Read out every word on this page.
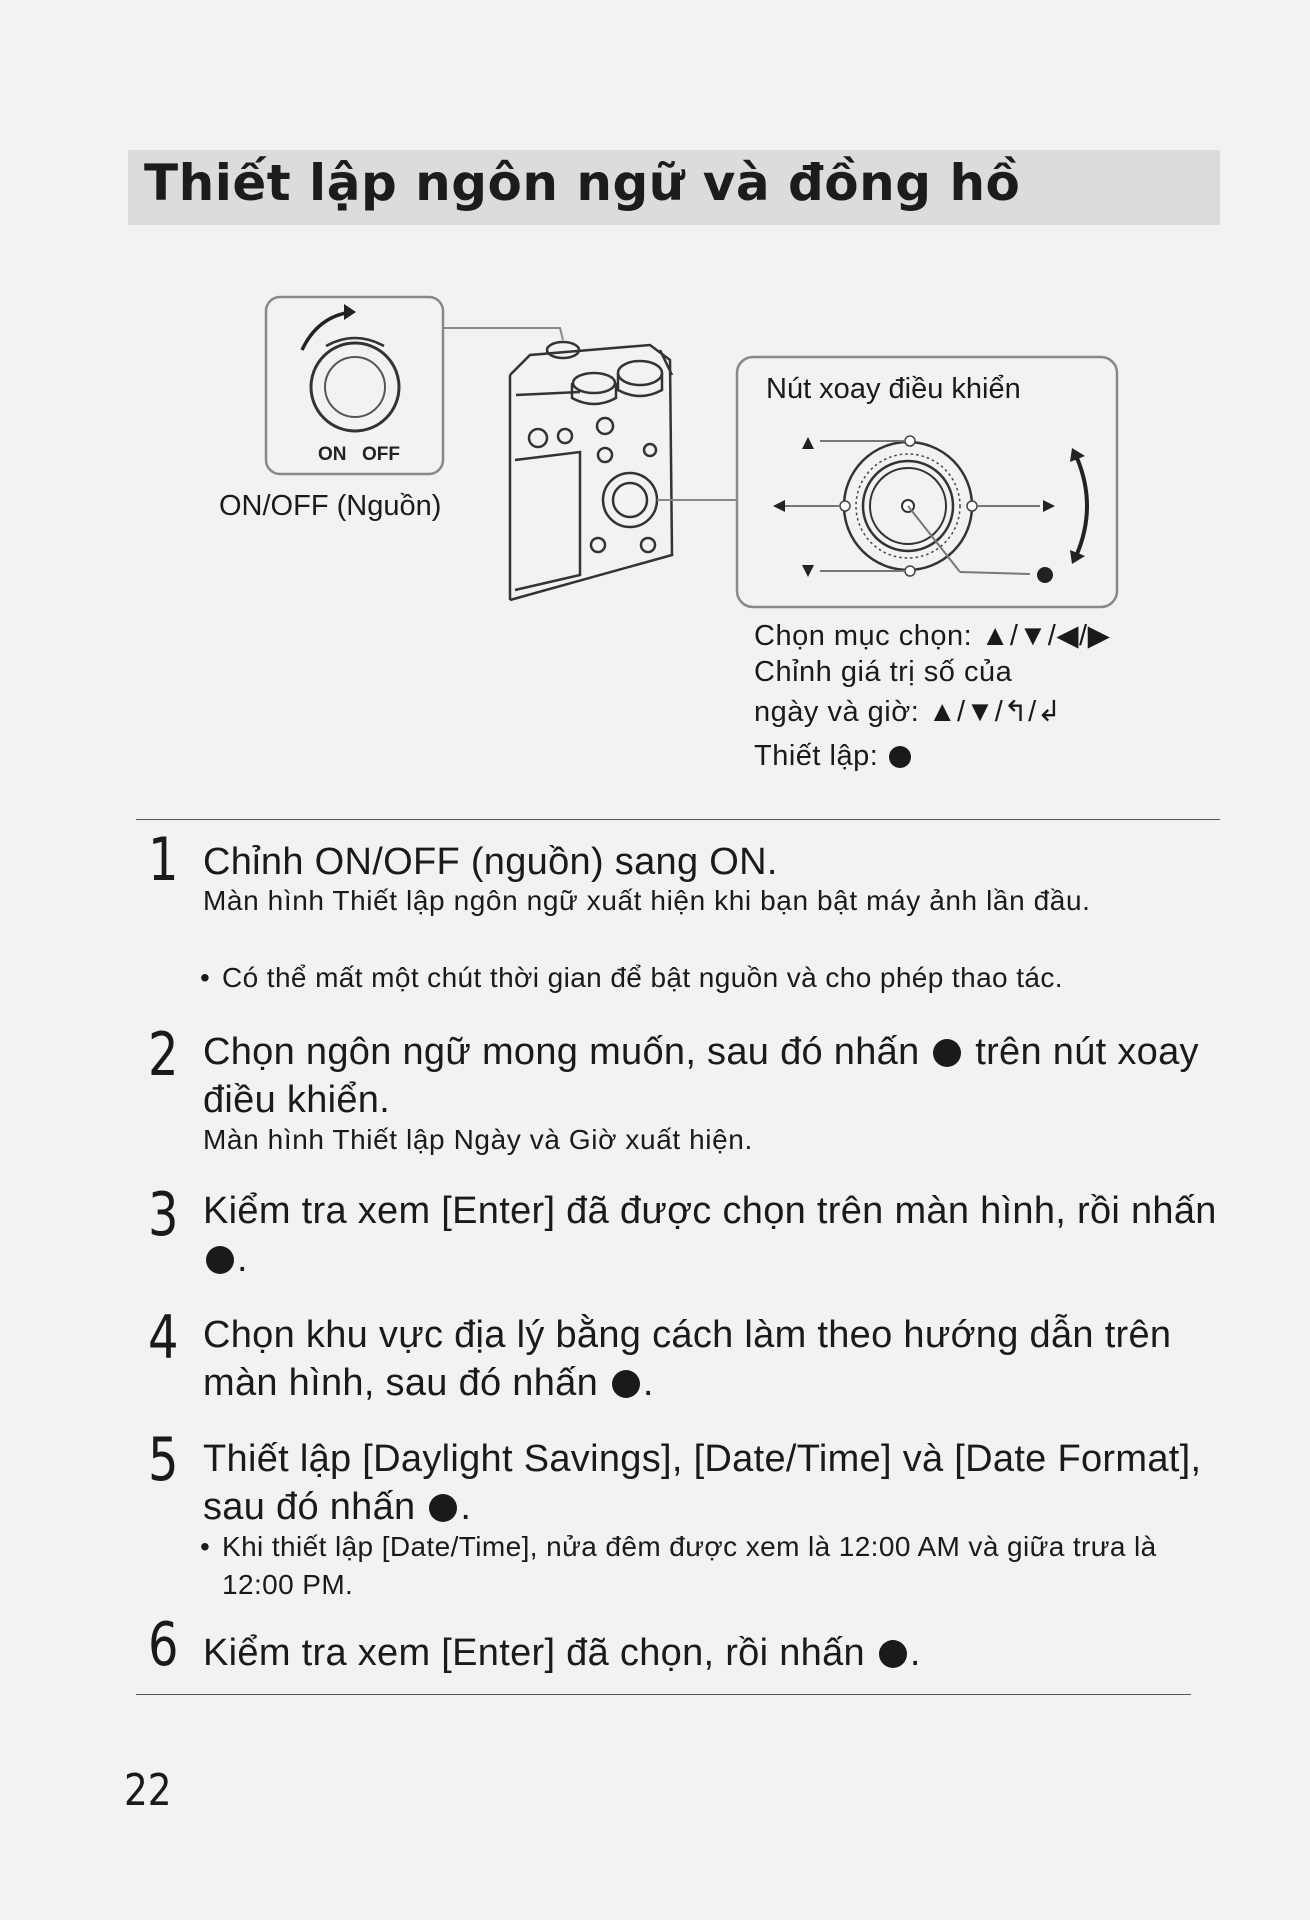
Thiết lập ngôn ngữ và đồng hồ
ON OFF
Nút xoay điều khiển
ON/OFF (Nguồn)
Chọn mục chọn: ▲/▼/◀/▶
Chỉnh giá trị số của
ngày và giờ: ▲/▼/↰/↲
Thiết lập:
1 Chỉnh ON/OFF (nguồn) sang ON.
Màn hình Thiết lập ngôn ngữ xuất hiện khi bạn bật máy ảnh lần đầu.
• Có thể mất một chút thời gian để bật nguồn và cho phép thao tác.
2 Chọn ngôn ngữ mong muốn, sau đó nhấn trên nút xoay điều khiển.
Màn hình Thiết lập Ngày và Giờ xuất hiện.
3 Kiểm tra xem [Enter] đã được chọn trên màn hình, rồi nhấn .
4 Chọn khu vực địa lý bằng cách làm theo hướng dẫn trên màn hình, sau đó nhấn .
5 Thiết lập [Daylight Savings], [Date/Time] và [Date Format], sau đó nhấn .
• Khi thiết lập [Date/Time], nửa đêm được xem là 12:00 AM và giữa trưa là 12:00 PM.
6 Kiểm tra xem [Enter] đã chọn, rồi nhấn .
22
